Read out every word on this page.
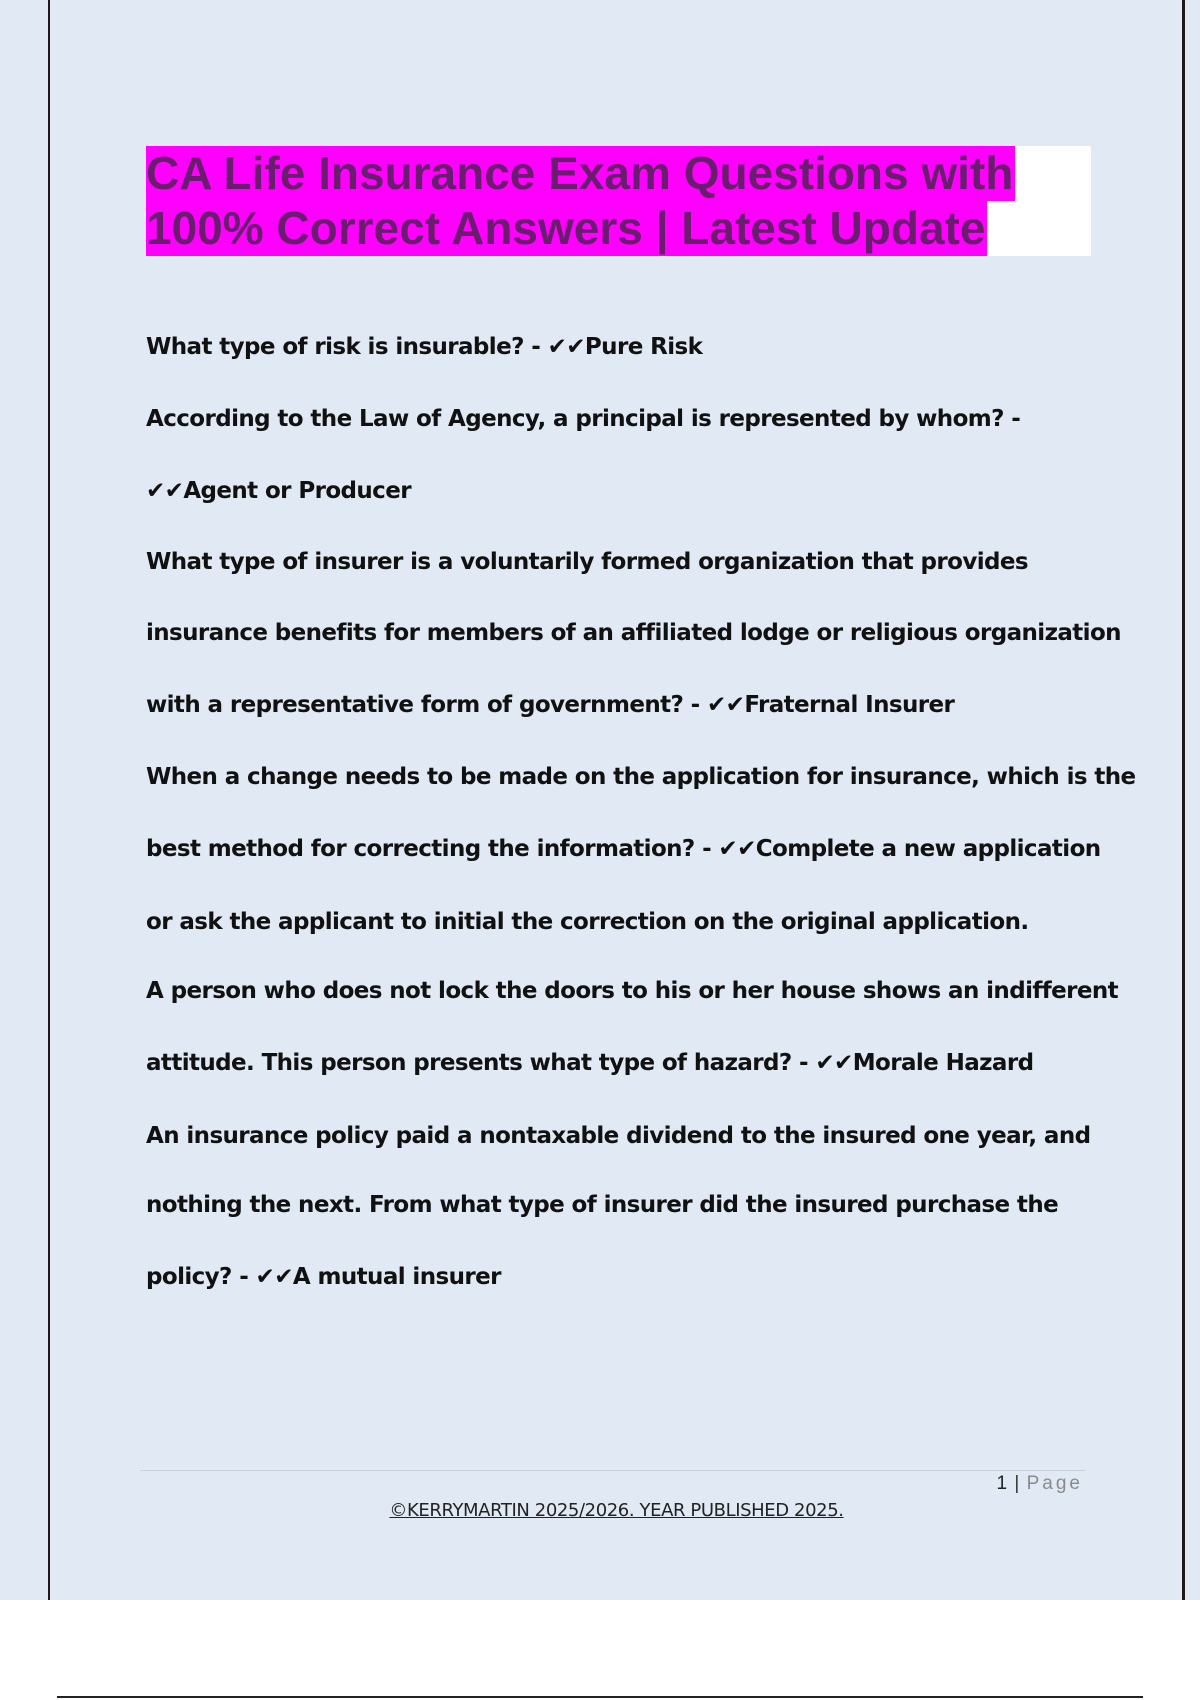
CA Life Insurance Exam Questions with
100% Correct Answers | Latest Update
What type of risk is insurable? - ✔✔Pure Risk
According to the Law of Agency, a principal is represented by whom? -
✔✔Agent or Producer
What type of insurer is a voluntarily formed organization that provides
insurance benefits for members of an affiliated lodge or religious organization
with a representative form of government? - ✔✔Fraternal Insurer
When a change needs to be made on the application for insurance, which is the
best method for correcting the information? - ✔✔Complete a new application
or ask the applicant to initial the correction on the original application.
A person who does not lock the doors to his or her house shows an indifferent
attitude. This person presents what type of hazard? - ✔✔Morale Hazard
An insurance policy paid a nontaxable dividend to the insured one year, and
nothing the next. From what type of insurer did the insured purchase the
policy? - ✔✔A mutual insurer
1 | Page
©KERRYMARTIN 2025/2026. YEAR PUBLISHED 2025.
